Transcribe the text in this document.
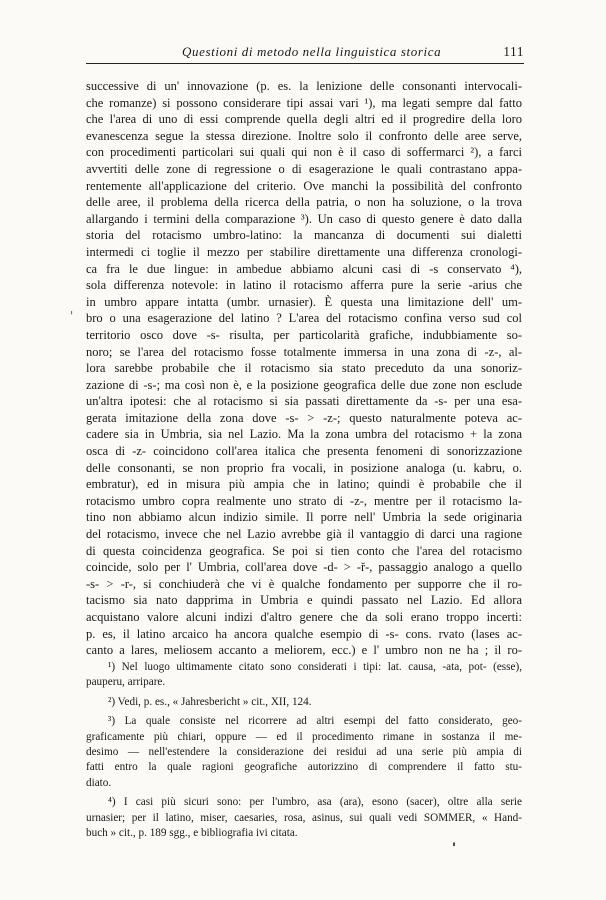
Questioni di metodo nella linguistica storica	111
successive di un' innovazione (p. es. la lenizione delle consonanti intervocali-
che romanze) si possono considerare tipi assai vari ¹), ma legati sempre dal fatto
che l'area di uno di essi comprende quella degli altri ed il progredire della loro
evanescenza segue la stessa direzione. Inoltre solo il confronto delle aree serve,
con procedimenti particolari sui quali qui non è il caso di soffermarci ²), a farci
avvertiti delle zone di regressione o di esagerazione le quali contrastano appa-
rentemente all'applicazione del criterio. Ove manchi la possibilità del confronto
delle aree, il problema della ricerca della patria, o non ha soluzione, o la trova
allargando i termini della comparazione ³). Un caso di questo genere è dato dalla
storia del rotacismo umbro-latino: la mancanza di documenti sui dialetti
intermedi ci toglie il mezzo per stabilire direttamente una differenza cronologi-
ca fra le due lingue: in ambedue abbiamo alcuni casi di -s conservato ⁴),
sola differenza notevole: in latino il rotacismo afferra pure la serie -arius che
in umbro appare intatta (umbr. urnasier). È questa una limitazione dell' um-
bro o una esagerazione del latino ? L'area del rotacismo confina verso sud col
territorio osco dove -s- risulta, per particolarità grafiche, indubbiamente so-
noro; se l'area del rotacismo fosse totalmente immersa in una zona di -z-, al-
lora sarebbe probabile che il rotacismo sia stato preceduto da una sonoriz-
zazione di -s-; ma così non è, e la posizione geografica delle due zone non esclude
un'altra ipotesi: che al rotacismo si sia passati direttamente da -s- per una esa-
gerata imitazione della zona dove -s- > -z-; questo naturalmente poteva ac-
cadere sia in Umbria, sia nel Lazio. Ma la zona umbra del rotacismo + la zona
osca di -z- coincidono coll'area italica che presenta fenomeni di sonorizzazione
delle consonanti, se non proprio fra vocali, in posizione analoga (u. kabru, o.
embratur), ed in misura più ampia che in latino; quindi è probabile che il
rotacismo umbro copra realmente uno strato di -z-, mentre per il rotacismo la-
tino non abbiamo alcun indizio simile. Il porre nell' Umbria la sede originaria
del rotacismo, invece che nel Lazio avrebbe già il vantaggio di darci una ragione
di questa coincidenza geografica. Se poi si tien conto che l'area del rotacismo
coincide, solo per l' Umbria, coll'area dove -d- > -ř-, passaggio analogo a quello
-s- > -r-, si conchiuderà che vi è qualche fondamento per supporre che il ro-
tacismo sia nato dapprima in Umbria e quindi passato nel Lazio. Ed allora
acquistano valore alcuni indizi d'altro genere che da soli erano troppo incerti:
p. es, il latino arcaico ha ancora qualche esempio di -s- cons. rvato (lases ac-
canto a lares, meliosem accanto a meliorem, ecc.) e l' umbro non ne ha ; il ro-
'
¹) Nel luogo ultimamente citato sono considerati i tipi: lat. causa, -ata, pot- (esse),
pauperu, arripare.
²) Vedi, p. es., « Jahresbericht » cit., XII, 124.
³) La quale consiste nel ricorrere ad altri esempi del fatto considerato, geo-
graficamente più chiari, oppure — ed il procedimento rimane in sostanza il me-
desimo — nell'estendere la considerazione dei residui ad una serie più ampia di
fatti entro la quale ragioni geografiche autorizzino di comprendere il fatto stu-
diato.
⁴) I casi più sicuri sono: per l'umbro, asa (ara), esono (sacer), oltre alla serie
urnasier; per il latino, miser, caesaries, rosa, asinus, sui quali vedi SOMMER, « Hand-
buch » cit., p. 189 sgg., e bibliografia ivi citata.
'
